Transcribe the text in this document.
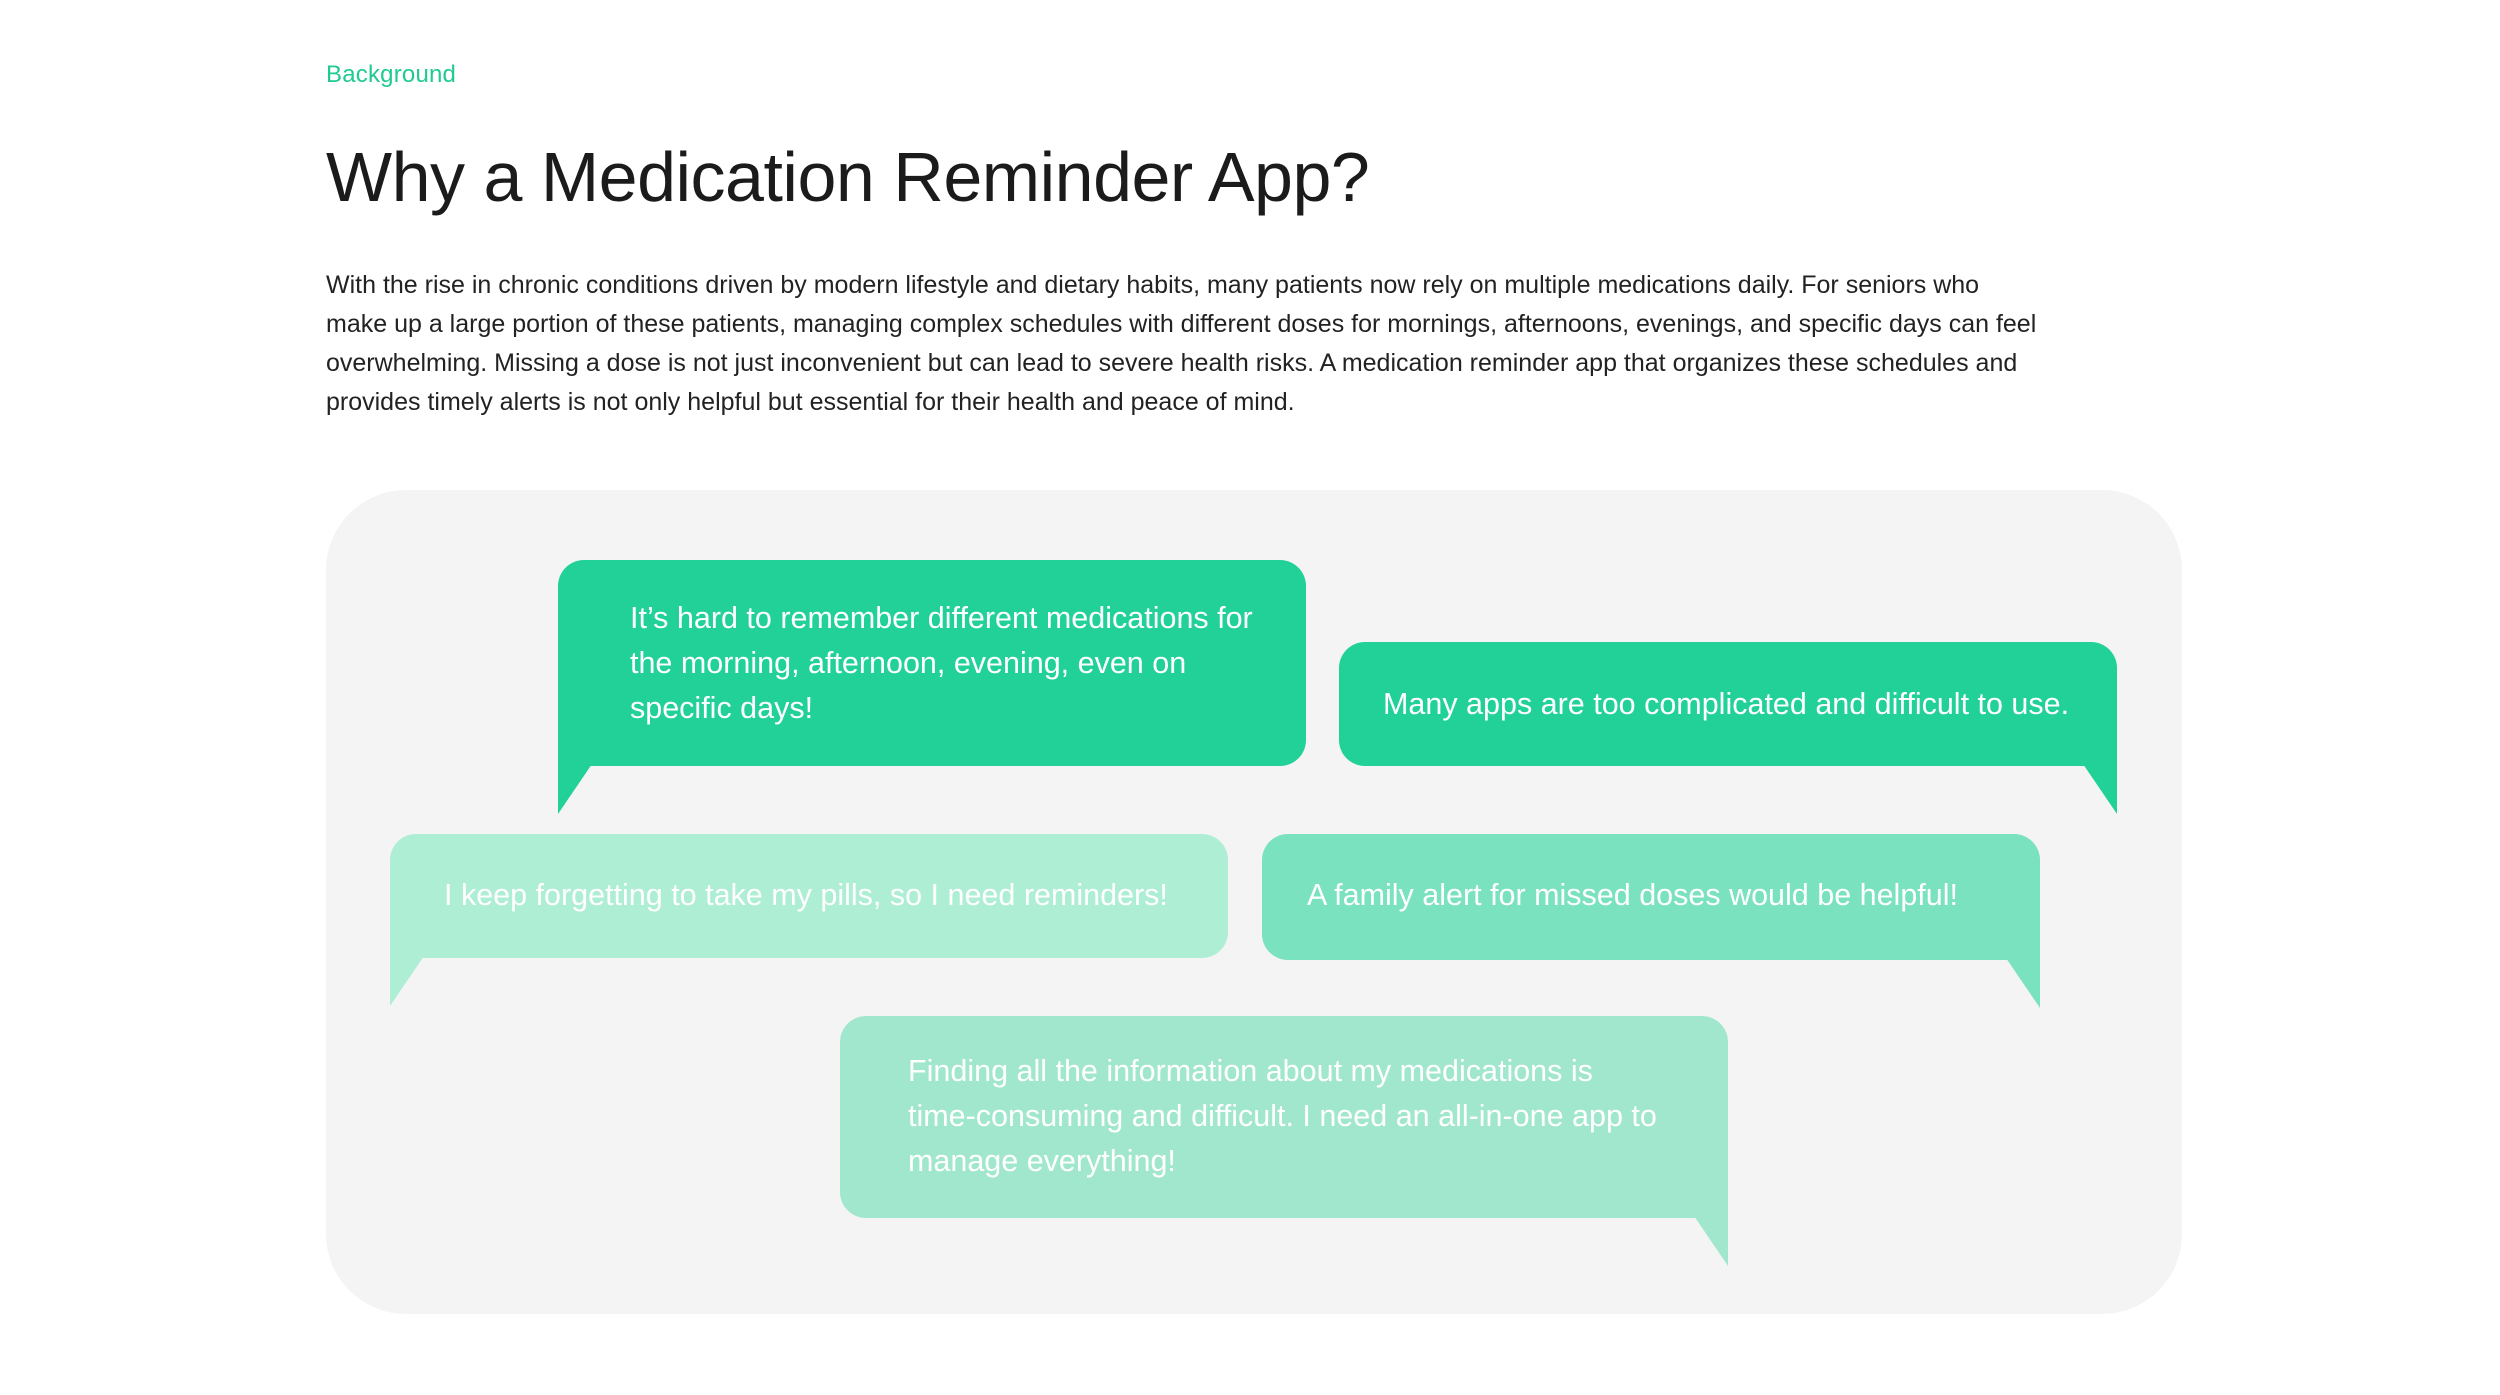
Background
Why a Medication Reminder App?

With the rise in chronic conditions driven by modern lifestyle and dietary habits, many patients now rely on multiple medications daily. For seniors who make up a large portion of these patients, managing complex schedules with different doses for mornings, afternoons, evenings, and specific days can feel overwhelming. Missing a dose is not just inconvenient but can lead to severe health risks. A medication reminder app that organizes these schedules and provides timely alerts is not only helpful but essential for their health and peace of mind.

It’s hard to remember different medications for the morning, afternoon, evening, even on specific days!	Many apps are too complicated and difficult to use.
I keep forgetting to take my pills, so I need reminders!	A family alert for missed doses would be helpful!
Finding all the information about my medications is time-consuming and difficult. I need an all-in-one app to manage everything!
